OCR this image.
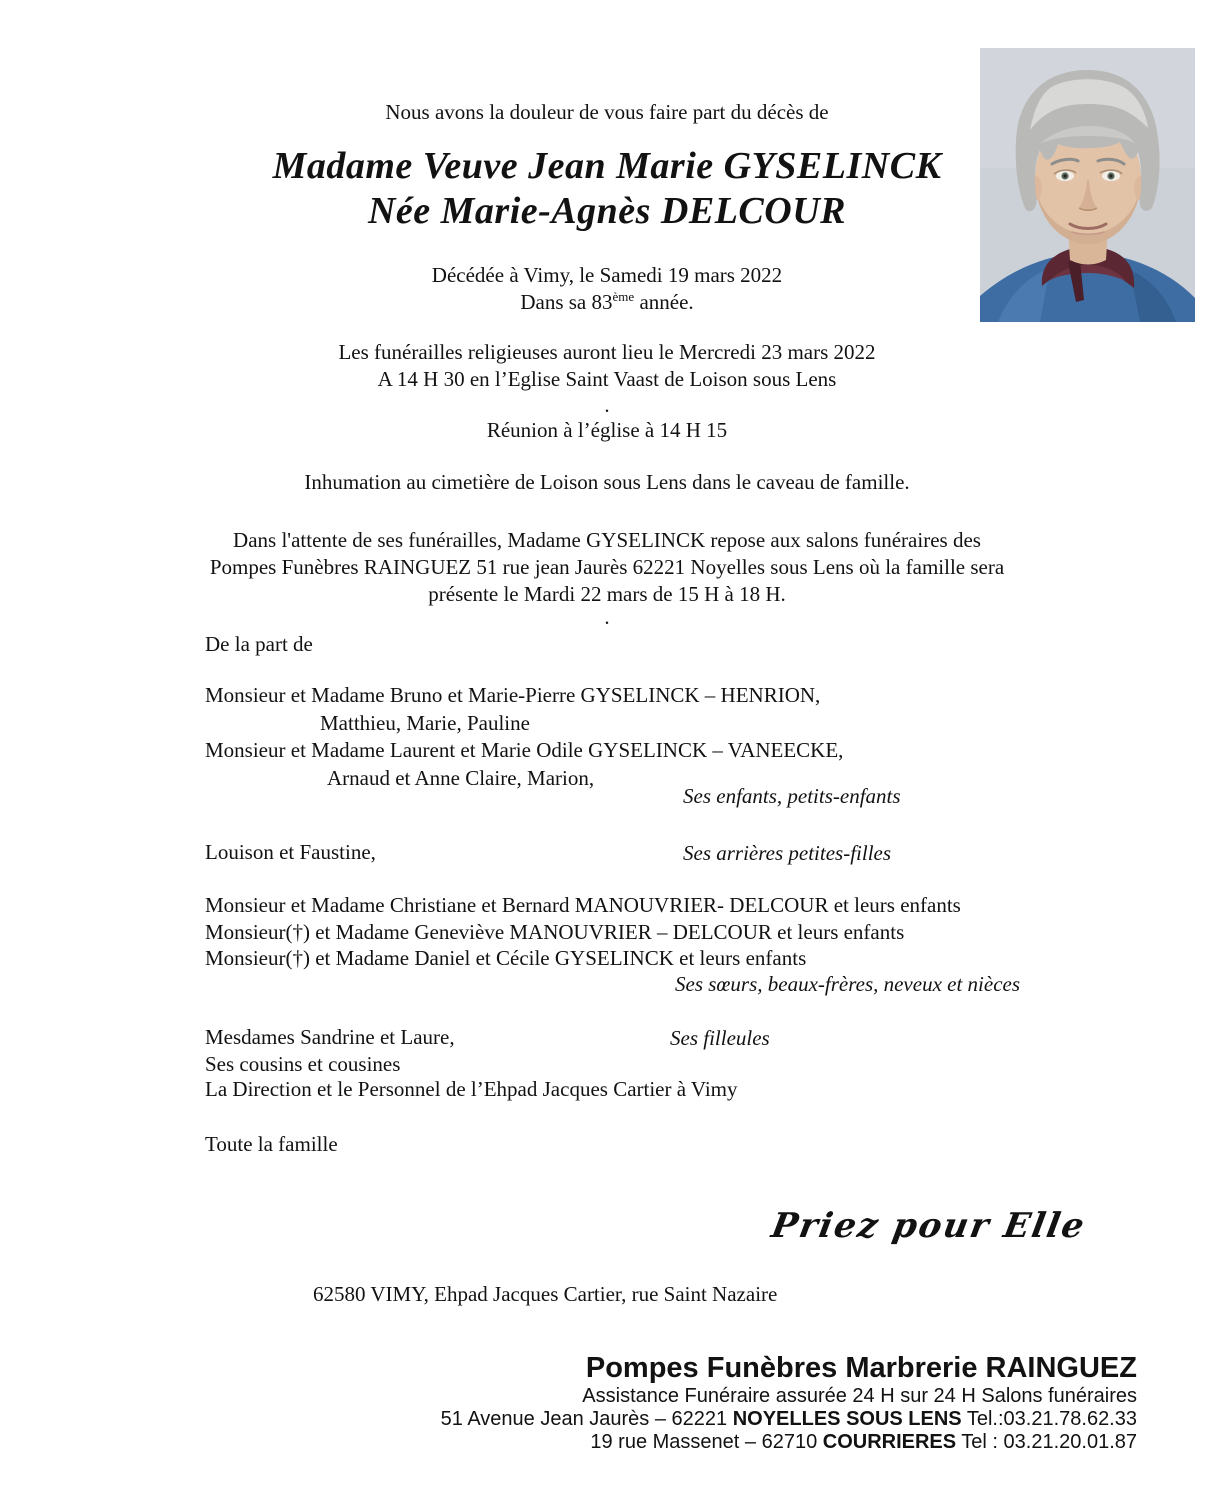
Nous avons la douleur de vous faire part du décès de
Madame Veuve Jean Marie GYSELINCK
Née Marie-Agnès DELCOUR
Décédée à Vimy, le Samedi 19 mars 2022
Dans sa 83ème année.
Les funérailles religieuses auront lieu le Mercredi 23 mars 2022
A 14 H 30 en l’Eglise Saint Vaast de Loison sous Lens
.
Réunion à l’église à 14 H 15
Inhumation au cimetière de Loison sous Lens dans le caveau de famille.
Dans l'attente de ses funérailles, Madame GYSELINCK repose aux salons funéraires des
Pompes Funèbres RAINGUEZ 51 rue jean Jaurès 62221 Noyelles sous Lens où la famille sera
présente le Mardi 22 mars de 15 H à 18 H.
.
De la part de
Monsieur et Madame Bruno et Marie-Pierre GYSELINCK – HENRION,
Matthieu, Marie, Pauline
Monsieur et Madame Laurent et Marie Odile GYSELINCK – VANEECKE,
Arnaud et Anne Claire, Marion,
Ses enfants, petits-enfants
Louison et Faustine,	Ses arrières petites-filles
Monsieur et Madame Christiane et Bernard MANOUVRIER- DELCOUR et leurs enfants
Monsieur(†) et Madame Geneviève MANOUVRIER – DELCOUR et leurs enfants
Monsieur(†) et Madame Daniel et Cécile GYSELINCK et leurs enfants
Ses sœurs, beaux-frères, neveux et nièces
Mesdames Sandrine et Laure,	Ses filleules
Ses cousins et cousines
La Direction et le Personnel de l’Ehpad Jacques Cartier à Vimy
Toute la famille
Priez pour Elle
62580 VIMY, Ehpad Jacques Cartier, rue Saint Nazaire
Pompes Funèbres Marbrerie RAINGUEZ
Assistance Funéraire assurée 24 H sur 24 H Salons funéraires
51 Avenue Jean Jaurès – 62221 NOYELLES SOUS LENS Tel.:03.21.78.62.33
19 rue Massenet – 62710 COURRIERES Tel : 03.21.20.01.87
